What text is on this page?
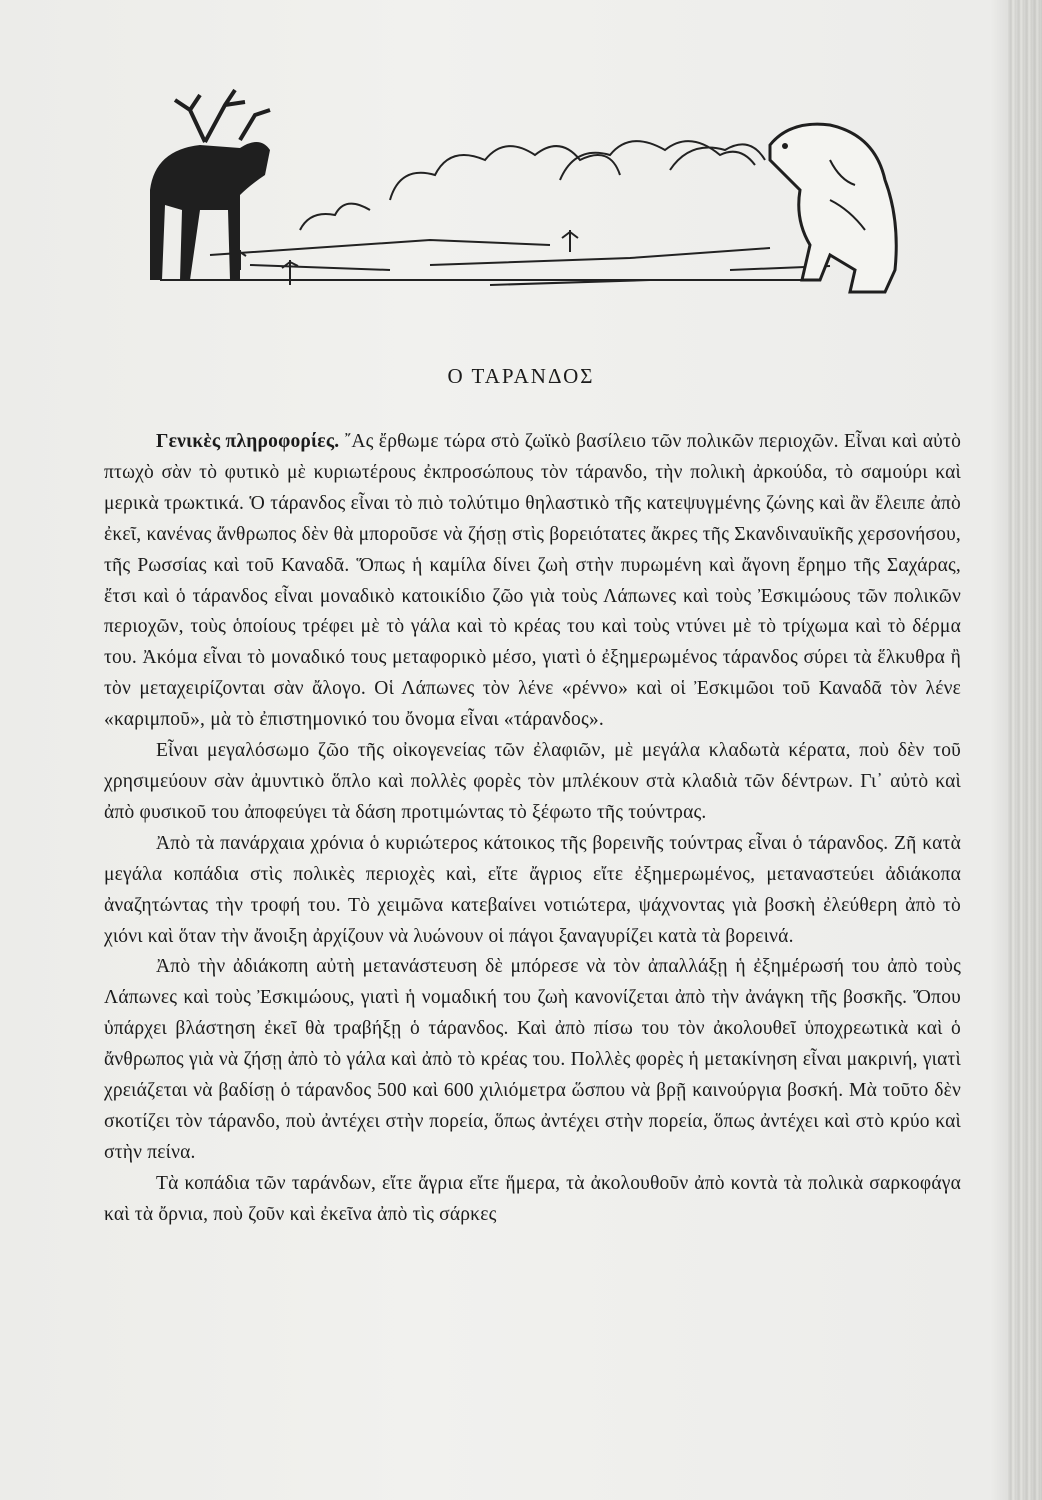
Ο ΤΑΡΑΝΔΟΣ

Γενικὲς πληροφορίες. ῎Ας ἔρθωμε τώρα στὸ ζωϊκὸ βασίλειο τῶν πολικῶν περιοχῶν. Εἶναι καὶ αὐτὸ πτωχὸ σὰν τὸ φυτικὸ μὲ κυριωτέρους ἐκπροσώπους τὸν τάρανδο, τὴν πολικὴ ἀρκούδα, τὸ σαμούρι καὶ μερικὰ τρωκτικά. Ὁ τάρανδος εἶναι τὸ πιὸ τολύτιμο θηλαστικὸ τῆς κατεψυγμένης ζώνης καὶ ἂν ἔλειπε ἀπὸ ἐκεῖ, κανένας ἄνθρωπος δὲν θὰ μποροῦσε νὰ ζήσῃ στὶς βορειότατες ἄκρες τῆς Σκανδιναυϊκῆς χερσονήσου, τῆς Ρωσσίας καὶ τοῦ Καναδᾶ. Ὅπως ἡ καμίλα δίνει ζωὴ στὴν πυρωμένη καὶ ἄγονη ἔρημο τῆς Σαχάρας, ἔτσι καὶ ὁ τάρανδος εἶναι μοναδικὸ κατοικίδιο ζῶο γιὰ τοὺς Λάπωνες καὶ τοὺς Ἐσκιμώους τῶν πολικῶν περιοχῶν, τοὺς ὁποίους τρέφει μὲ τὸ γάλα καὶ τὸ κρέας του καὶ τοὺς ντύνει μὲ τὸ τρίχωμα καὶ τὸ δέρμα του. Ἀκόμα εἶναι τὸ μοναδικό τους μεταφορικὸ μέσο, γιατὶ ὁ ἐξημερωμένος τάρανδος σύρει τὰ ἕλκυθρα ἢ τὸν μεταχειρίζονται σὰν ἄλογο. Οἱ Λάπωνες τὸν λένε «ρέννο» καὶ οἱ Ἐσκιμῶοι τοῦ Καναδᾶ τὸν λένε «καριμποῦ», μὰ τὸ ἐπιστημονικό του ὄνομα εἶναι «τάρανδος».

Εἶναι μεγαλόσωμο ζῶο τῆς οἰκογενείας τῶν ἐλαφιῶν, μὲ μεγάλα κλαδωτὰ κέρατα, ποὺ δὲν τοῦ χρησιμεύουν σὰν ἀμυντικὸ ὅπλο καὶ πολλὲς φορὲς τὸν μπλέκουν στὰ κλαδιὰ τῶν δέντρων. Γι᾽ αὐτὸ καὶ ἀπὸ φυσικοῦ του ἀποφεύγει τὰ δάση προτιμώντας τὸ ξέφωτο τῆς τούντρας.

Ἀπὸ τὰ πανάρχαια χρόνια ὁ κυριώτερος κάτοικος τῆς βορεινῆς τούντρας εἶναι ὁ τάρανδος. Ζῆ κατὰ μεγάλα κοπάδια στὶς πολικὲς περιοχὲς καὶ, εἴτε ἄγριος εἴτε ἐξημερωμένος, μεταναστεύει ἀδιάκοπα ἀναζητώντας τὴν τροφή του. Τὸ χειμῶνα κατεβαίνει νοτιώτερα, ψάχνοντας γιὰ βοσκὴ ἐλεύθερη ἀπὸ τὸ χιόνι καὶ ὅταν τὴν ἄνοιξη ἀρχίζουν νὰ λυώνουν οἱ πάγοι ξαναγυρίζει κατὰ τὰ βορεινά.

Ἀπὸ τὴν ἀδιάκοπη αὐτὴ μετανάστευση δὲ μπόρεσε νὰ τὸν ἀπαλλάξῃ ἡ ἐξημέρωσή του ἀπὸ τοὺς Λάπωνες καὶ τοὺς Ἐσκιμώους, γιατὶ ἡ νομαδική του ζωὴ κανονίζεται ἀπὸ τὴν ἀνάγκη τῆς βοσκῆς. Ὅπου ὑπάρχει βλάστηση ἐκεῖ θὰ τραβήξῃ ὁ τάρανδος. Καὶ ἀπὸ πίσω του τὸν ἀκολουθεῖ ὑποχρεωτικὰ καὶ ὁ ἄνθρωπος γιὰ νὰ ζήσῃ ἀπὸ τὸ γάλα καὶ ἀπὸ τὸ κρέας του. Πολλὲς φορὲς ἡ μετακίνηση εἶναι μακρινή, γιατὶ χρειάζεται νὰ βαδίσῃ ὁ τάρανδος 500 καὶ 600 χιλιόμετρα ὥσπου νὰ βρῇ καινούργια βοσκή. Μὰ τοῦτο δὲν σκοτίζει τὸν τάρανδο, ποὺ ἀντέχει στὴν πορεία, ὅπως ἀντέχει στὴν πορεία, ὅπως ἀντέχει καὶ στὸ κρύο καὶ στὴν πείνα.

Τὰ κοπάδια τῶν ταράνδων, εἴτε ἄγρια εἴτε ἥμερα, τὰ ἀκολουθοῦν ἀπὸ κοντὰ τὰ πολικὰ σαρκοφάγα καὶ τὰ ὄρνια, ποὺ ζοῦν καὶ ἐκεῖνα ἀπὸ τὶς σάρκες
